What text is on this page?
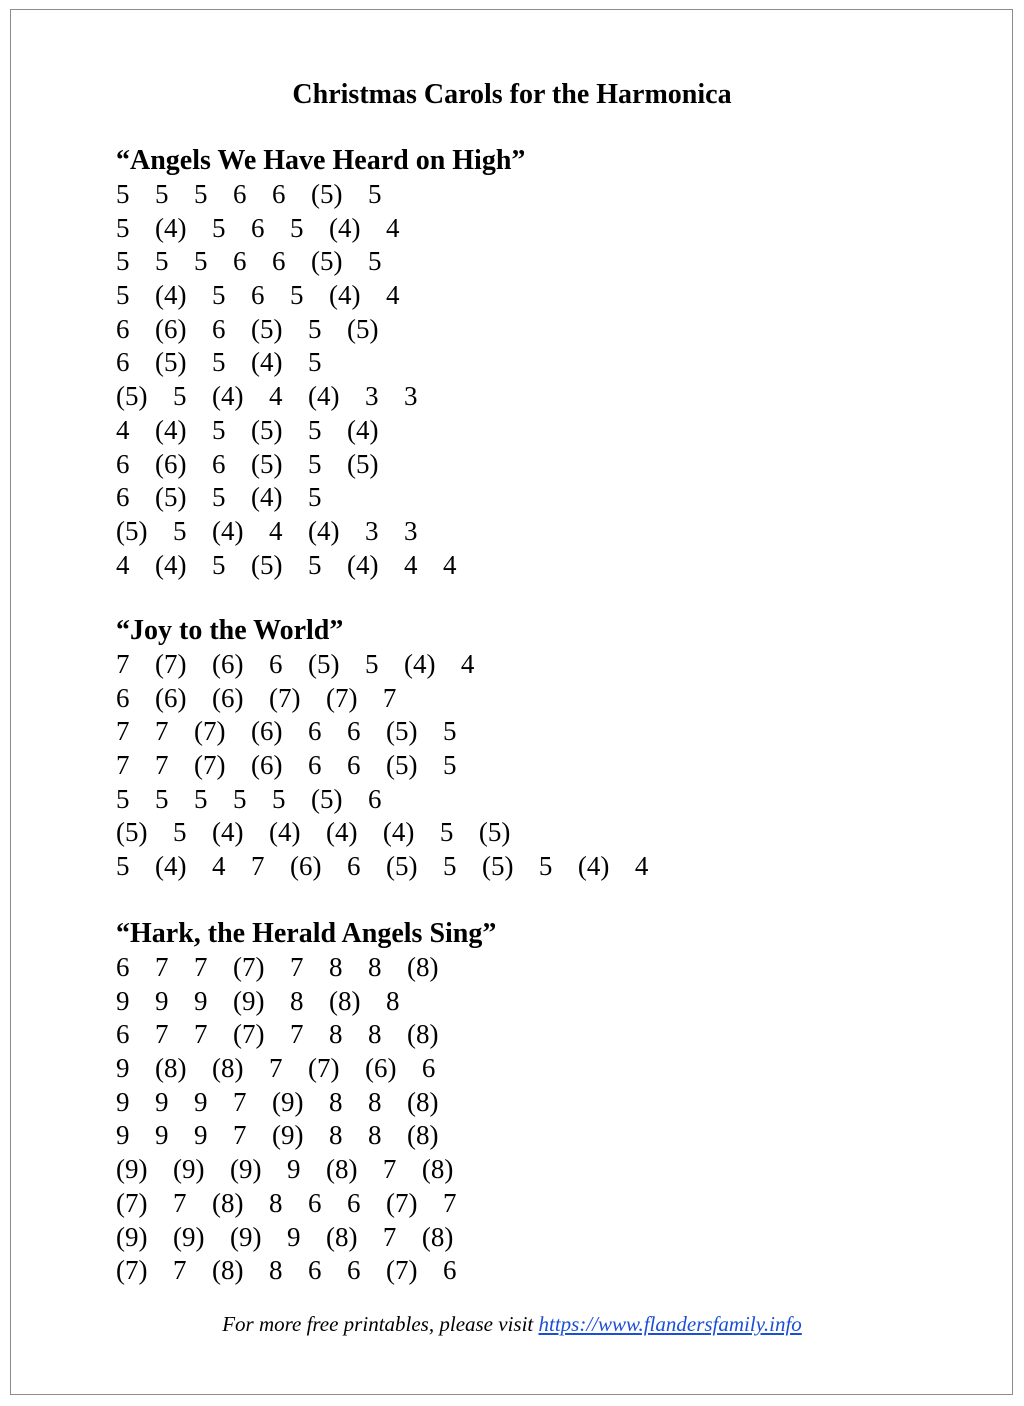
Christmas Carols for the Harmonica
“Angels We Have Heard on High”
5  5  5  6  6  (5)  5
5  (4)  5  6  5  (4)  4
5  5  5  6  6  (5)  5
5  (4)  5  6  5  (4)  4
6  (6)  6  (5)  5  (5)
6  (5)  5  (4)  5
(5)  5  (4)  4  (4)  3  3
4  (4)  5  (5)  5  (4)
6  (6)  6  (5)  5  (5)
6  (5)  5  (4)  5
(5)  5  (4)  4  (4)  3  3
4  (4)  5  (5)  5  (4)  4  4
“Joy to the World”
7  (7)  (6)  6  (5)  5  (4)  4
6  (6)  (6)  (7)  (7)  7
7  7  (7)  (6)  6  6  (5)  5
7  7  (7)  (6)  6  6  (5)  5
5  5  5  5  5  (5)  6
(5)  5  (4)  (4)  (4)  (4)  5  (5)
5  (4)  4  7  (6)  6  (5)  5  (5)  5  (4)  4
“Hark, the Herald Angels Sing”
6  7  7  (7)  7  8  8  (8)
9  9  9  (9)  8  (8)  8
6  7  7  (7)  7  8  8  (8)
9  (8)  (8)  7  (7)  (6)  6
9  9  9  7  (9)  8  8  (8)
9  9  9  7  (9)  8  8  (8)
(9)  (9)  (9)  9  (8)  7  (8)
(7)  7  (8)  8  6  6  (7)  7
(9)  (9)  (9)  9  (8)  7  (8)
(7)  7  (8)  8  6  6  (7)  6
For more free printables, please visit https://www.flandersfamily.info
